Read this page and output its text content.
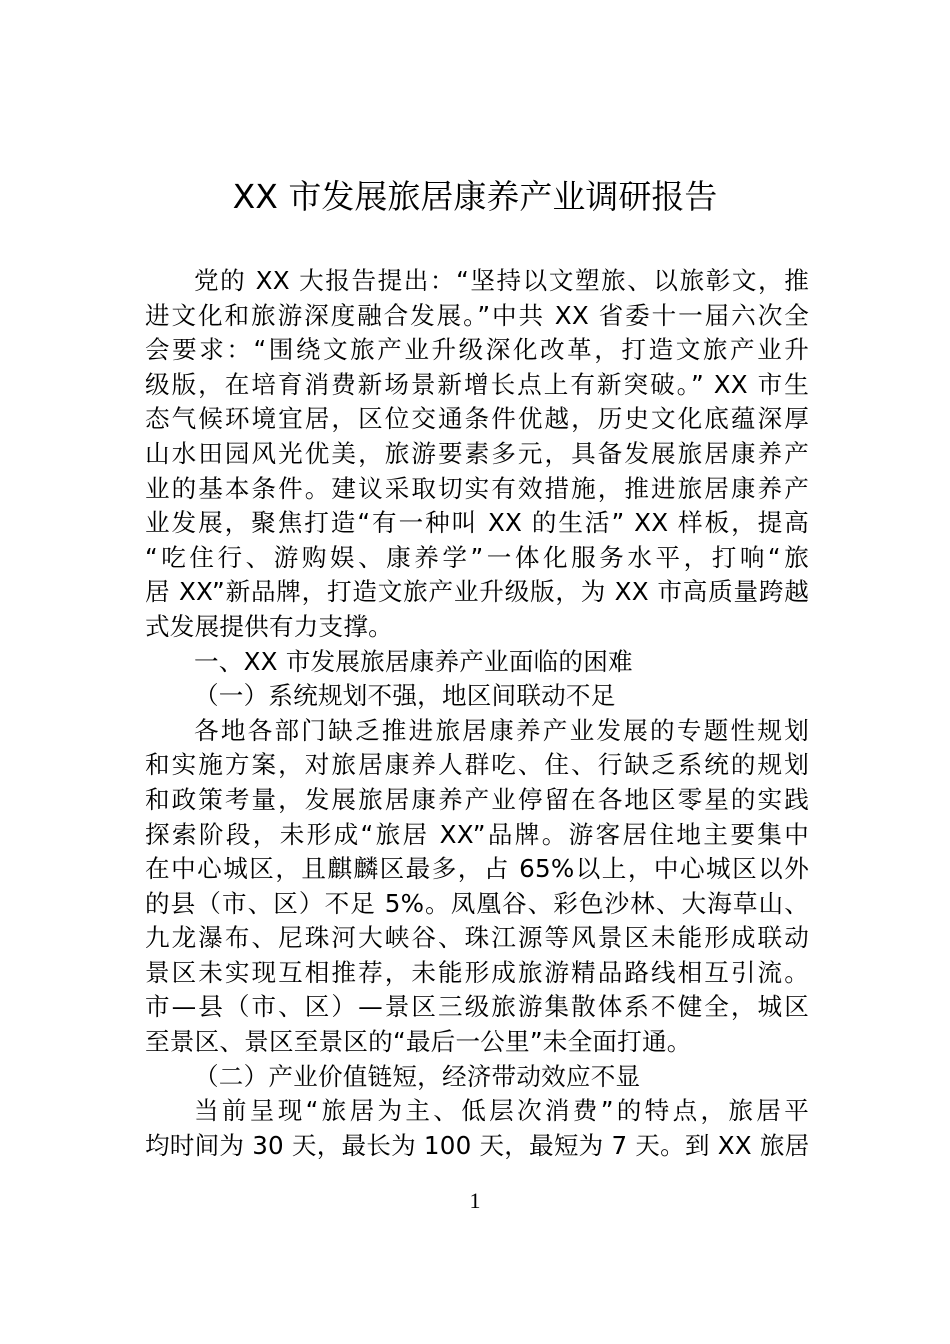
XX 市发展旅居康养产业调研报告
党的 XX 大报告提出：“坚持以文塑旅、以旅彰文，推
进文化和旅游深度融合发展。”中共 XX 省委十一届六次全
会要求：“围绕文旅产业升级深化改革，打造文旅产业升
级版，在培育消费新场景新增长点上有新突破。” XX 市生
态气候环境宜居，区位交通条件优越，历史文化底蕴深厚
山水田园风光优美，旅游要素多元，具备发展旅居康养产
业的基本条件。建议采取切实有效措施，推进旅居康养产
业发展，聚焦打造“有一种叫 XX 的生活” XX 样板，提高
“吃住行、游购娱、康养学”一体化服务水平，打响“旅
居 XX”新品牌，打造文旅产业升级版，为 XX 市高质量跨越
式发展提供有力支撑。
一、XX 市发展旅居康养产业面临的困难
（一）系统规划不强，地区间联动不足
各地各部门缺乏推进旅居康养产业发展的专题性规划
和实施方案，对旅居康养人群吃、住、行缺乏系统的规划
和政策考量，发展旅居康养产业停留在各地区零星的实践
探索阶段，未形成“旅居 XX”品牌。游客居住地主要集中
在中心城区，且麒麟区最多，占 65%以上，中心城区以外
的县（市、区）不足 5%。凤凰谷、彩色沙林、大海草山、
九龙瀑布、尼珠河大峡谷、珠江源等风景区未能形成联动
景区未实现互相推荐，未能形成旅游精品路线相互引流。
市—县（市、区）—景区三级旅游集散体系不健全，城区
至景区、景区至景区的“最后一公里”未全面打通。
（二）产业价值链短，经济带动效应不显
当前呈现“旅居为主、低层次消费”的特点，旅居平
均时间为 30 天，最长为 100 天，最短为 7 天。到 XX 旅居
1
